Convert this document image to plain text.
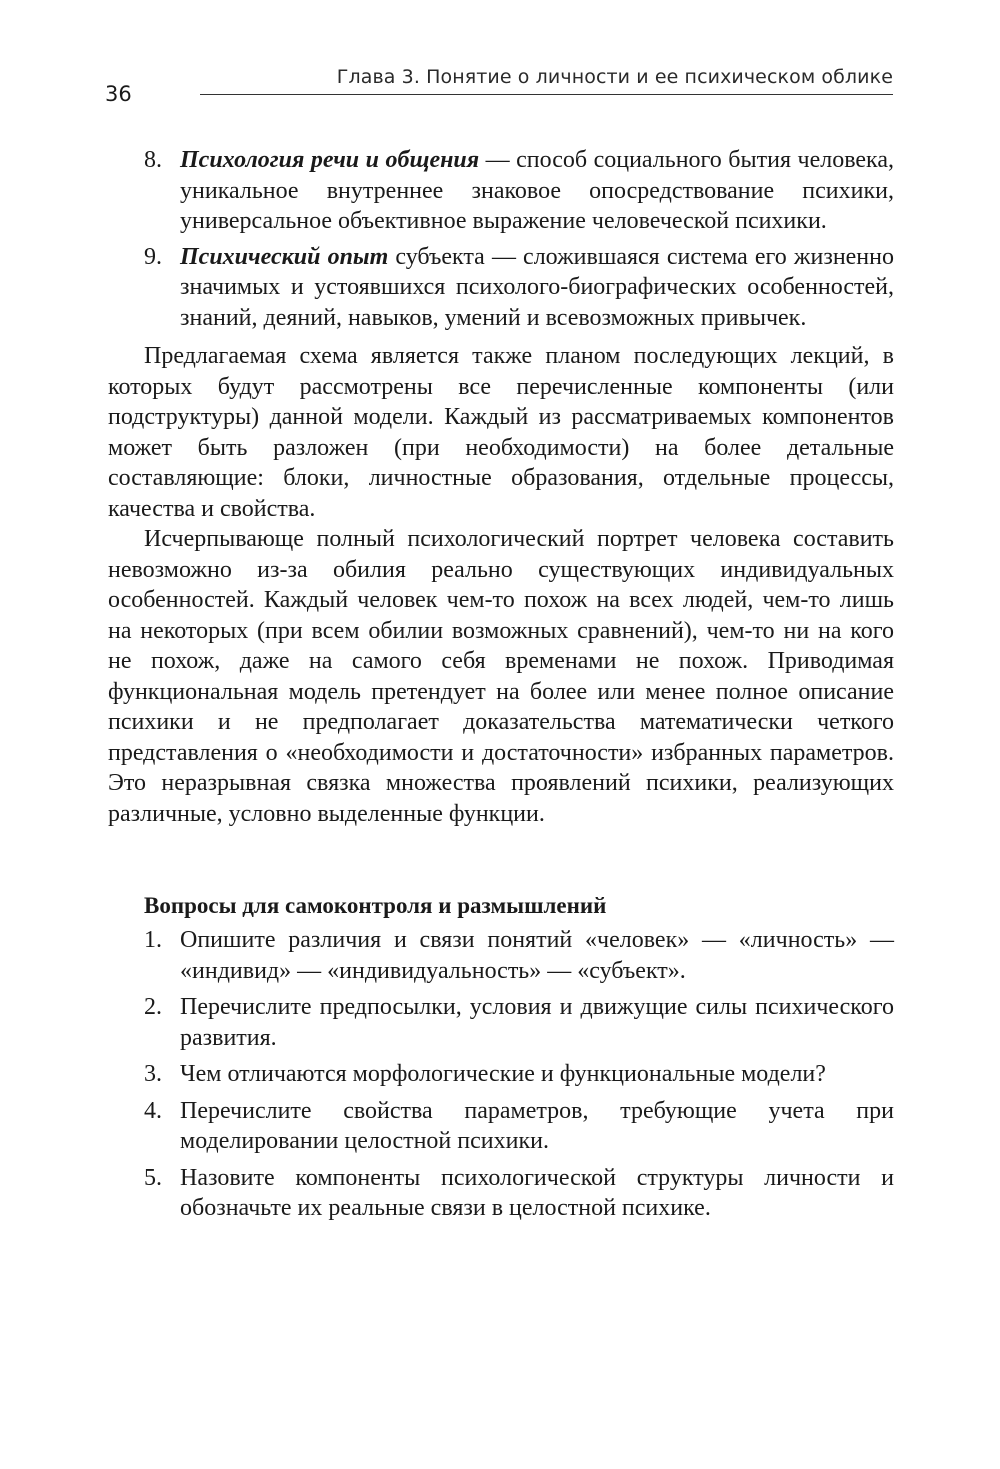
36
Глава 3. Понятие о личности и ее психическом облике
8. Психология речи и общения — способ социального бытия человека, уникальное внутреннее знаковое опосредствование психики, универсальное объективное выражение человеческой психики.
9. Психический опыт субъекта — сложившаяся система его жизненно значимых и устоявшихся психолого-биографических особенностей, знаний, деяний, навыков, умений и всевозможных привычек.

Предлагаемая схема является также планом последующих лекций, в которых будут рассмотрены все перечисленные компоненты (или подструктуры) данной модели. Каждый из рассматриваемых компонентов может быть разложен (при необходимости) на более детальные составляющие: блоки, личностные образования, отдельные процессы, качества и свойства.

Исчерпывающе полный психологический портрет человека составить невозможно из-за обилия реально существующих индивидуальных особенностей. Каждый человек чем-то похож на всех людей, чем-то лишь на некоторых (при всем обилии возможных сравнений), чем-то ни на кого не похож, даже на самого себя временами не похож. Приводимая функциональная модель претендует на более или менее полное описание психики и не предполагает доказательства математически четкого представления о «необходимости и достаточности» избранных параметров. Это неразрывная связка множества проявлений психики, реализующих различные, условно выделенные функции.

Вопросы для самоконтроля и размышлений
1. Опишите различия и связи понятий «человек» — «личность» — «индивид» — «индивидуальность» — «субъект».
2. Перечислите предпосылки, условия и движущие силы психического развития.
3. Чем отличаются морфологические и функциональные модели?
4. Перечислите свойства параметров, требующие учета при моделировании целостной психики.
5. Назовите компоненты психологической структуры личности и обозначьте их реальные связи в целостной психике.
